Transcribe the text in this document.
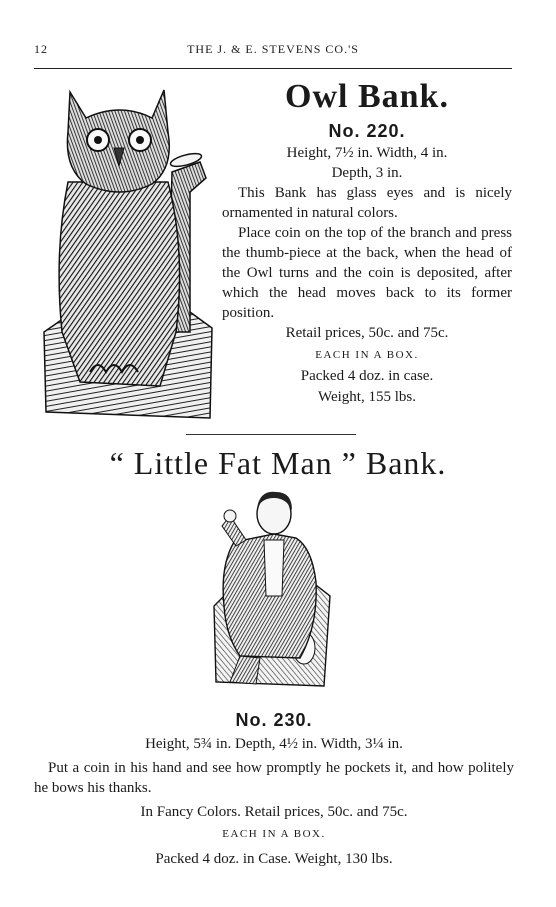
12	THE J. & E. STEVENS CO.'S
Owl Bank.
No. 220.
Height, 7½ in. Width, 4 in.
Depth, 3 in.
This Bank has glass eyes and is nicely ornamented in natural colors.
Place coin on the top of the branch and press the thumb-piece at the back, when the head of the Owl turns and the coin is deposited, after which the head moves back to its former position.
Retail prices, 50c. and 75c.
EACH IN A BOX.
Packed 4 doz. in case.
Weight, 155 lbs.
“ Little Fat Man ” Bank.
No. 230.
Height, 5¾ in. Depth, 4½ in. Width, 3¼ in.
Put a coin in his hand and see how promptly he pockets it, and how politely he bows his thanks.
In Fancy Colors. Retail prices, 50c. and 75c.
EACH IN A BOX.
Packed 4 doz. in Case. Weight, 130 lbs.
